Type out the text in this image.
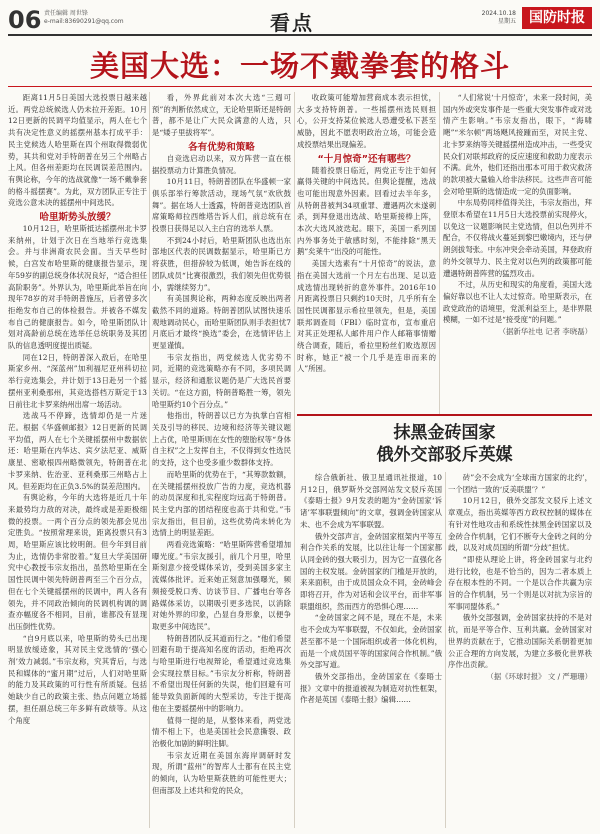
06 责任编辑 周世锋
e-mail:83690291@qq.com	看点	2024.10.18
星期五 国防时报
美国大选：一场不戴拳套的格斗

距离11月5日美国大选投票日越来越近。两党总统候选人仍未拉开差距。10月12日更新的民调平均值显示，两人在七个共有决定性意义的摇摆州基本打成平手：民主党候选人哈里斯在四个州取得微弱优势，其共和党对手特朗普在另三个州略占上风。但各州差距均在民调误差范围内。有舆论称，今年的选战就像“一场不戴拳套的格斗摇摆赛”。为此，双方团队正专注于竞选公意未决的摇摆州中间选民。

哈里斯势头放缓？

10月12日，哈里斯抵达摇摆州北卡罗来纳州，计划于次日在当地举行竞选集会。并与非洲裔农民会面。当天早些时候，白宫发布哈里斯的健康报告显示，现年59岁的副总统身体状况良好，“适合担任高阶职务”。外界认为，哈里斯此举旨在向现年78岁的对手特朗普施压，后者曾多次拒绝发布自己的体检报告。并被各不媒发布自己的健康报告。如今，哈里斯团队计划对高龄前总统在选举任总统职务及其团队的信息透明度提出质疑。

同在12日，特朗普深入敌后，在哈里斯家乡州、“深蓝州”加利福尼亚州科切拉举行竞选集会，并计划于13日赴另一个摇摆州亚利桑那州，其竞选搭档万斯定于13日前往北卡罗来纳州出席一场活动。

选战马不停蹄，选情却仍是一片迷茫。根据《华盛顿邮报》12日更新的民调平均值，两人在七个关键摇摆州中数据依还：哈里斯在内华达、宾夕法尼亚、威斯康星、密歇根四州略微领先，特朗普在北卡罗来纳、佐治亚、亚利桑那三州略占上风。但差距均在正负3.5%的误差范围内。

有舆论称，今年的大选将是近几十年来最势均力敌的对决，最终或是差距极细微的投票。一两个百分点的领先都会见出定胜负。“按照常理来说，距离投票只有3周，哈里斯应该比较明朗。但今年到目前为止，选情仍非常胶着。”复旦大学美国研究中心教授韦宗友指出，虽然哈里斯在全国性民调中领先特朗普两至三个百分点，但在七个关键摇摆州的民调中，两人各有领先，并不同政治倾向的民调机构调的调查亦幅度各不相同，目前，谁都没有显现出压倒性优势。

“自9月底以来，哈里斯的势头已出现明显放缓迹象，其对民主党选情的‘强心剂’效力减弱。”韦宗友称，究其背后，与选民和媒体的“蜜月期”过后，人们对哈里斯的能力及其政策的可行性有所质疑。包括她缺少自己的政策主张、热点问题立场摇摆，担任副总统三年多鲜有政绩等。从这个角度

看，外界此前对本次大选“三週可预”的判断依然成立，无论哈里斯还是特朗普，都不是让广大民众满意的人选，只是“矮子里拔将军”。

各有优势和策略

自竞选启动以来，双方阵营一直在根据投票动力计算胜负情况。

10月11日，特朗普团队在华盛顿一家俱乐部举行筹款活动，现场气氛“欢欣鼓舞”。据在场人士透露，特朗普竞选团队首席策略师拉西维塔告诉人们，前总统有在投票日获得足以入主白宫的选举人票。

不到24小时后，哈里斯团队也选出东部地区代表的民调数据显示，哈里斯已方将获胜，但措辞较为低调，她告诉在线的团队成员“比赛很激烈，我们领先但优势很小，需继续努力”。

有美国舆论称，两种态度反映出两者截然不同的道路。特朗普团队试图快速乐观地调动民心，而哈里斯团队则手表担忧7月底后才最终“换选”委会，在选情评估上更显谨慎。

韦宗友指出，两党候选人优劣势不同，近期的竞选策略亦有不同，多项民调显示，经济和通胀议题仍是广大选民首要关切。“在这方面，特朗普略胜一筹，领先哈里斯约10个百分点。”

他指出，特朗普以已方为执掌白宫相关及引导的移民、边境和经济等关键议题上占优，哈里斯则在女性的堕胎权等“身体自主权”之上发挥自主，不仅得到女性选民的支持，这个也受多重少数群体支持。

而哈里斯的优势在于，“其筹款数额，在关键摇摆州投放广告的力度，竞选机器的动员深度和扎实程度均远高于特朗普。民主党内部的团结程度也高于共和党。”韦宗友指出，但目前，这些优势尚未转化为选情上的明显差距。

两看竞选策略：“哈里斯阵营希望增加曝光度。”韦宗友援引，前几个月里，哈里斯刻意少接受媒体采访，受到美国多家主流媒体批评。近来她正刻意加强曝光，频频接受脱口秀、访谈节目、广播电台等各路媒体采访，以期吸引更多选民，以消除对她外界的印象，凸显自身形象，以便争取更多中间选民”。

特朗普团队反其道而行之。“他们希望回避有助于提高知名度的活动，拒绝再次与哈里斯进行电视辩论，希望通过竞选集会实现拉票目标。”韦宗友分析称，特朗普不希望出现任何新的失误，他们回避有可能导致负面新闻的大型采访，专注于提高他在主要摇摆州中的影响力。

值得一提的是，从整体来看，两党选情不相上下，也是美国社会民意撕裂、政治极化加剧的鲜明注脚。

韦宗友近期在美国东海岸调研时发现，所谓“蓝州”的智库人士都有在民主党的倾向，认为哈里斯获胜的可能性更大；但南部及上述共和党的民众，

收政策可能增加营商成本表示担忧，大多支持特朗普。一些摇摆州选民则担心，公开支持某位候选人恐遭受私下甚至威胁，因此不愿表明政治立场，可能会造成投票结果出现偏差。

“十月惊奇”还有哪些？

随着投票日临近，两党正专注于如何赢得关键的中间选民。但舆论提醒，选战也可能出现意外因素。回看过去半年多，从特朗普被判34项重罪、遭遇两次未遂刺杀，到拜登退出选战、哈里斯接棒上阵，本次大选风波迭起。眼下，美国一系列国内外事务处于敏感时刻，不能排除“黑天鹅”矣莱牛“出没的可能性。

美国大选素有“十月惊奇”的说法，意指在美国大选前一个月左右出现、足以造成选情出现转折的意外事件。2016年10月距离投票日只剩约10天时，几乎所有全国性民调都显示希拉里领先，但是，美国联邦调查局（FBI）临时宣布，宣布重启对其正处理私人邮件用户作人邮箱事情赠绕合调查，随后，希拉里粉丝们败选原因时称，她正“被一个几乎是连串而来的人”所困。

“人们常说‘十月惊奇’，未来一段时间，美国内外或突发事件是一些重大突发事件或对选情产生影响。”韦宗友指出，眼下，“海啸飓”“米尔顿”两场飓风接踵而至，对民主党、北卡罗来纳等关键摇摆州造成冲击，一些受灾民众们对联邦政府的反应速度和救助力度表示不满。此外，他们还指出那本可用于救灾救济的款项被大量输入给非法移民。这些声音可能会对哈里斯的选情造成一定的负面影响。

中东局势同样值得关注，韦宗友指出，拜登原本希望在11月5日大选投票前实现停火，以免这一议题影响民主党选情，但以色列并不配合，不仅将战火蔓延到黎巴嫩境内，还与伊朗剑拔弩张。中东冲突会牵动美国，拜登政府的外交领导力、民主党对以色列的政策都可能遭遇特朗普阵营的猛烈攻击。

不过，从历史和现实的角度看，美国大选偏好靠以也不让人太过惊奇。哈里斯表示，在政党政治的语境里，党派利益至上，是非界限模糊，一如不过是“接受度”的问题。”

（据新华社电 记者 李晓磊）

抹黑金砖国家
俄外交部驳斥英媒

综合俄新社、俄卫星通讯社报道，10月12日，俄罗斯外交部网站发文驳斥英国《泰晤士报》9月发表的题为“金砖国家‘诉诸’军事联盟倾向”的文章，强调金砖国家从未、也不会成为军事联盟。

俄外交部声言，金砖国家框架内平等互利合作关系的发展，比以往让每一个国家都认同金砖的强大吸引力，因为它一直强化各国的主权发展。金砖国家的门槛是开放的，来来面积，由于成员国众众不同，金砖峰会即将召开，作为对话和会议平台，而非军事联盟组织，然而西方的恐惧心理……

“金砖国家之间不是，现在不是，未来也不会成为军事联盟，不仅如此，金砖国家甚至都不是一个国际组织或者一体化机构，而是一个成员国平等的国家间合作机制。”俄外交部写道。

俄外交部指出，金砖国家在《泰晤士报》文章中的报道被视为制造对抗性框架，作者是英国《泰晤士报》编辑……

砖”会不会成为‘全球南方国家的北约’，一个团结一致的‘反美联盟’？”

10月12日，俄外交部发文驳斥上述文章观点，指出英媒等西方政权控制的媒体在有针对性地攻击和系统性抹黑金砖国家以及金砖合作机制，它们不断夸大金砖之间的分歧，以及对成员国的所谓“分歧”担忧。

“即使从理论上讲，将金砖国家与北约进行比较，也是不恰当的，因为二者本质上存在根本性的不同。一个是以合作共赢为宗旨的合作机制，另一个则是以对抗为宗旨的军事同盟体系。”

俄外交部强调，金砖国家扶持的不是对抗，而是平等合作、互利共赢。金砖国家对世界的贡献在于，它推动国际关系朝着更加公正合理的方向发展，为建立多极化世界秩序作出贡献。

（据《环球时报》 文 / 严珊珊）
